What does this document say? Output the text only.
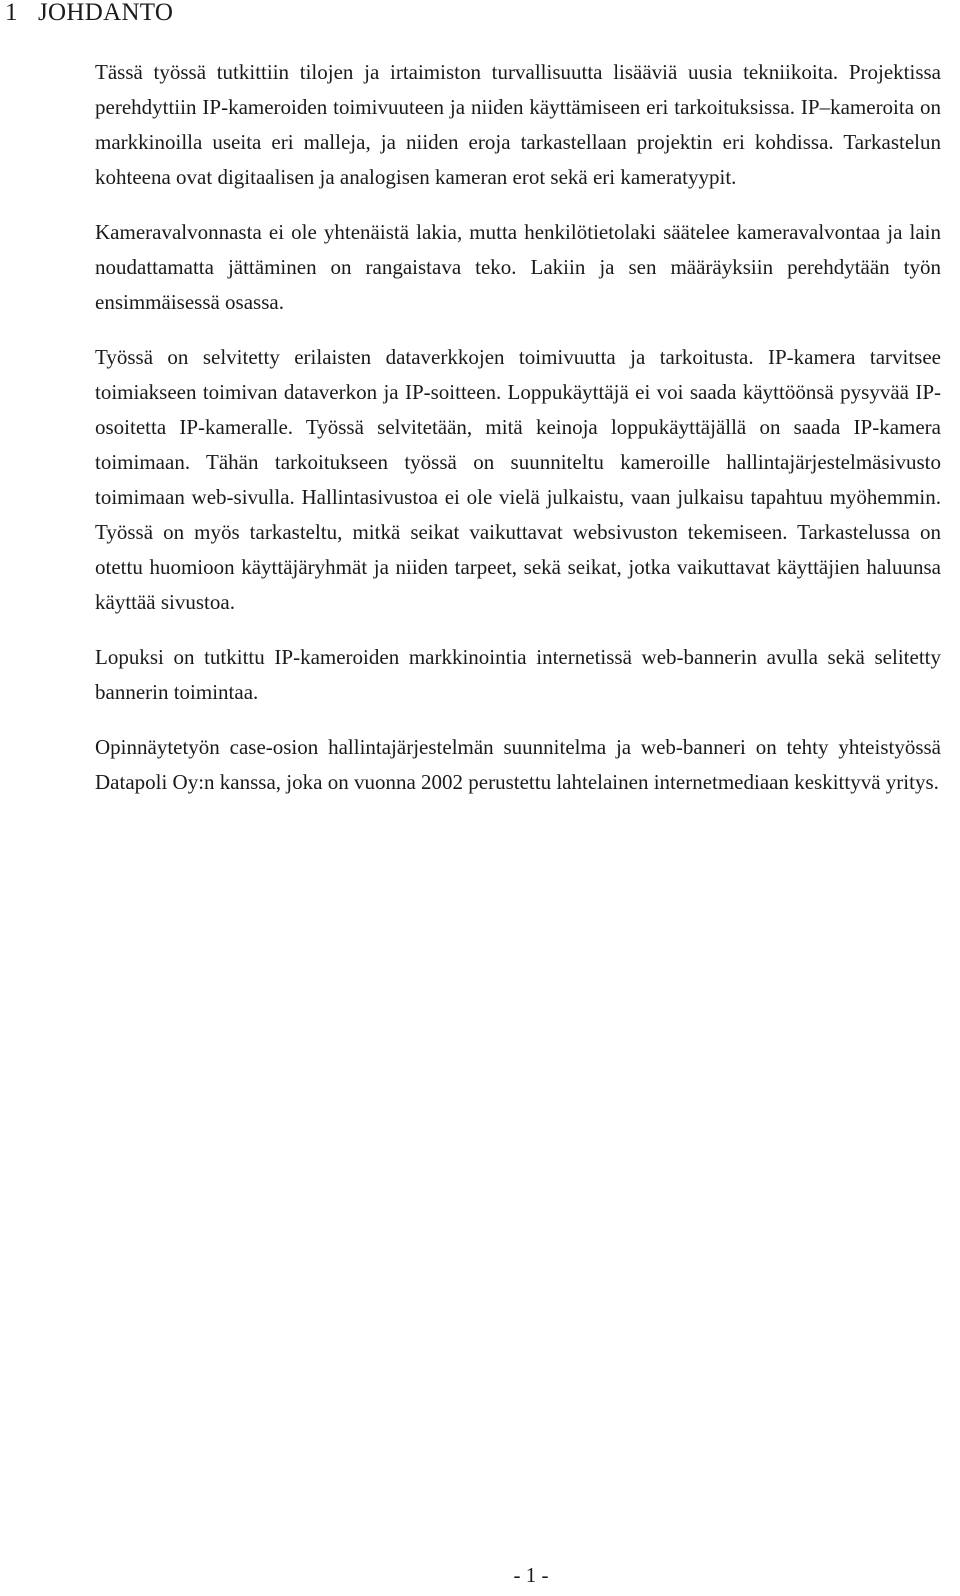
1 JOHDANTO

Tässä työssä tutkittiin tilojen ja irtaimiston turvallisuutta lisääviä uusia tekniikoita. Projektissa perehdyttiin IP-kameroiden toimivuuteen ja niiden käyttämiseen eri tarkoituksissa. IP–kameroita on markkinoilla useita eri malleja, ja niiden eroja tarkastellaan projektin eri kohdissa. Tarkastelun kohteena ovat digitaalisen ja analogisen kameran erot sekä eri kameratyypit.

Kameravalvonnasta ei ole yhtenäistä lakia, mutta henkilötietolaki säätelee kameravalvontaa ja lain noudattamatta jättäminen on rangaistava teko. Lakiin ja sen määräyksiin perehdytään työn ensimmäisessä osassa.

Työssä on selvitetty erilaisten dataverkkojen toimivuutta ja tarkoitusta. IP-kamera tarvitsee toimiakseen toimivan dataverkon ja IP-soitteen. Loppukäyttäjä ei voi saada käyttöönsä pysyvää IP-osoitetta IP-kameralle. Työssä selvitetään, mitä keinoja loppukäyttäjällä on saada IP-kamera toimimaan. Tähän tarkoitukseen työssä on suunniteltu kameroille hallintajärjestelmäsivusto toimimaan web-sivulla. Hallintasivustoa ei ole vielä julkaistu, vaan julkaisu tapahtuu myöhemmin. Työssä on myös tarkasteltu, mitkä seikat vaikuttavat websivuston tekemiseen. Tarkastelussa on otettu huomioon käyttäjäryhmät ja niiden tarpeet, sekä seikat, jotka vaikuttavat käyttäjien haluunsa käyttää sivustoa.

Lopuksi on tutkittu IP-kameroiden markkinointia internetissä web-bannerin avulla sekä selitetty bannerin toimintaa.

Opinnäytetyön case-osion hallintajärjestelmän suunnitelma ja web-banneri on tehty yhteistyössä Datapoli Oy:n kanssa, joka on vuonna 2002 perustettu lahtelainen internetmediaan keskittyvä yritys.

- 1 -
